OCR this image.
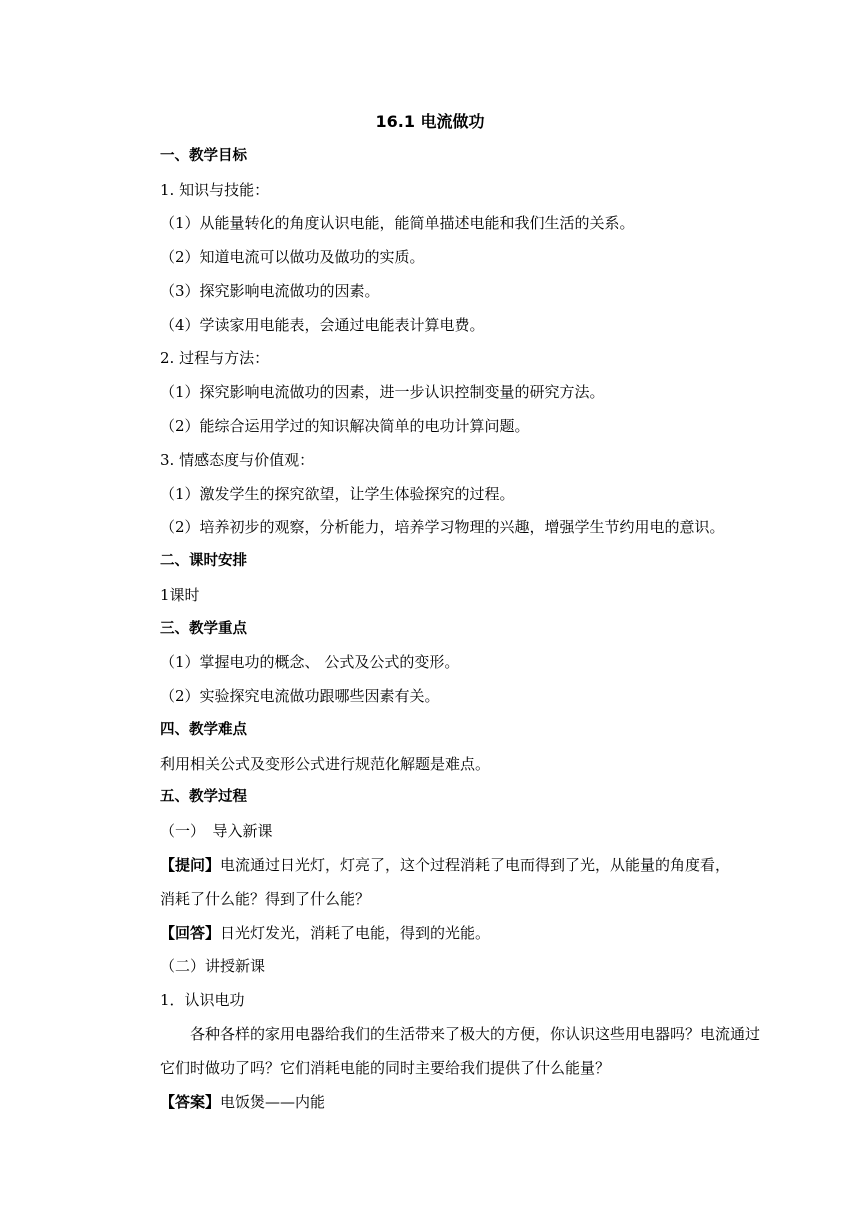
16.1 电流做功
一、教学目标
1. 知识与技能：
（1）从能量转化的角度认识电能，能简单描述电能和我们生活的关系。
（2）知道电流可以做功及做功的实质。
（3）探究影响电流做功的因素。
（4）学读家用电能表，会通过电能表计算电费。
2. 过程与方法：
（1）探究影响电流做功的因素，进一步认识控制变量的研究方法。
（2）能综合运用学过的知识解决简单的电功计算问题。
3. 情感态度与价值观：
（1）激发学生的探究欲望，让学生体验探究的过程。
（2）培养初步的观察，分析能力，培养学习物理的兴趣，增强学生节约用电的意识。
二、课时安排
1课时
三、教学重点
（1）掌握电功的概念、 公式及公式的变形。
（2）实验探究电流做功跟哪些因素有关。
四、教学难点
利用相关公式及变形公式进行规范化解题是难点。
五、教学过程
（一）　导入新课
【提问】电流通过日光灯，灯亮了，这个过程消耗了电而得到了光，从能量的角度看，
消耗了什么能？得到了什么能？
【回答】日光灯发光，消耗了电能，得到的光能。
（二）讲授新课
1．认识电功
各种各样的家用电器给我们的生活带来了极大的方便，你认识这些用电器吗？电流通过
它们时做功了吗？它们消耗电能的同时主要给我们提供了什么能量？
【答案】电饭煲——内能
